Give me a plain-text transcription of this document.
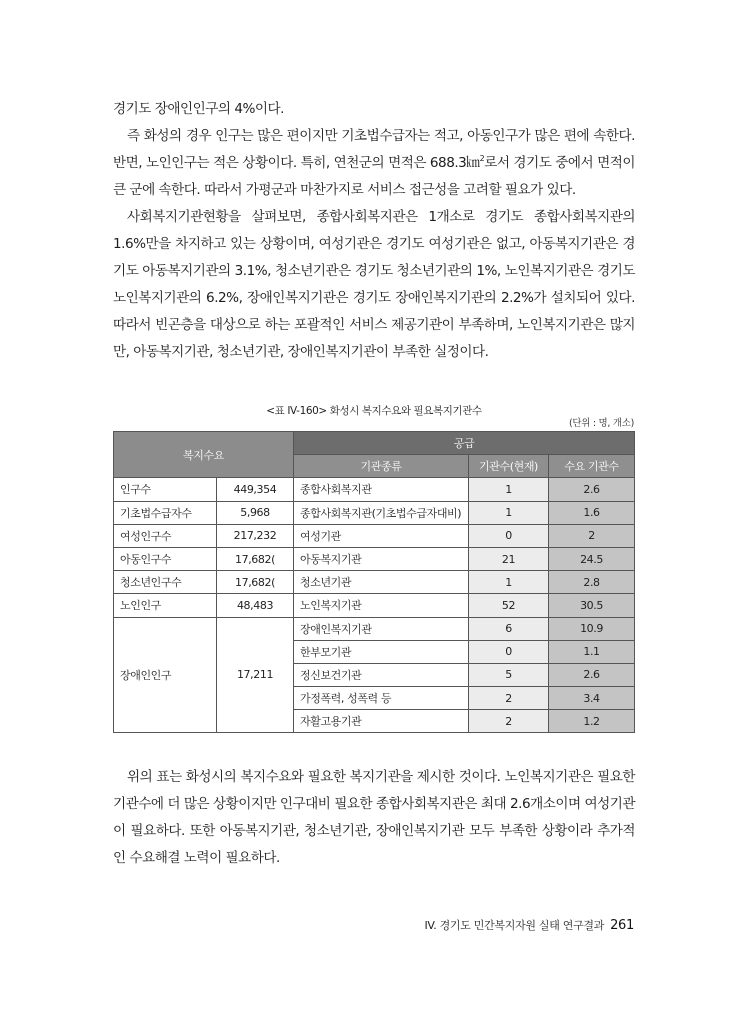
경기도 장애인인구의 4%이다.
즉 화성의 경우 인구는 많은 편이지만 기초법수급자는 적고, 아동인구가 많은 편에 속한다. 반면, 노인인구는 적은 상황이다. 특히, 연천군의 면적은 688.3㎞$^2$로서 경기도 중에서 면적이 큰 군에 속한다. 따라서 가평군과 마찬가지로 서비스 접근성을 고려할 필요가 있다.
사회복지기관현황을 살펴보면, 종합사회복지관은 1개소로 경기도 종합사회복지관의 1.6%만을 차지하고 있는 상황이며, 여성기관은 경기도 여성기관은 없고, 아동복지기관은 경기도 아동복지기관의 3.1%, 청소년기관은 경기도 청소년기관의 1%, 노인복지기관은 경기도 노인복지기관의 6.2%, 장애인복지기관은 경기도 장애인복지기관의 2.2%가 설치되어 있다. 따라서 빈곤층을 대상으로 하는 포괄적인 서비스 제공기관이 부족하며, 노인복지기관은 많지만, 아동복지기관, 청소년기관, 장애인복지기관이 부족한 실정이다.

<표 IV-160> 화성시 복지수요와 필요복지기관수
(단위 : 명, 개소)
복지수요		공급		
		기관종류	기관수(현재)	수요 기관수
인구수	449,354	종합사회복지관	1	2.6
기초법수급자수	5,968	종합사회복지관(기초법수급자대비)	1	1.6
여성인구수	217,232	여성기관	0	2
아동인구수	17,682(	아동복지기관	21	24.5
청소년인구수	17,682(	청소년기관	1	2.8
노인인구	48,483	노인복지기관	52	30.5
장애인인구	17,211	장애인복지기관	6	10.9
		한부모기관	0	1.1
		정신보건기관	5	2.6
		가정폭력, 성폭력 등	2	3.4
		자활고용기관	2	1.2

위의 표는 화성시의 복지수요와 필요한 복지기관을 제시한 것이다. 노인복지기관은 필요한 기관수에 더 많은 상황이지만 인구대비 필요한 종합사회복지관은 최대 2.6개소이며 여성기관이 필요하다. 또한 아동복지기관, 청소년기관, 장애인복지기관 모두 부족한 상황이라 추가적인 수요해결 노력이 필요하다.

IV. 경기도 민간복지자원 실태 연구결과 261
